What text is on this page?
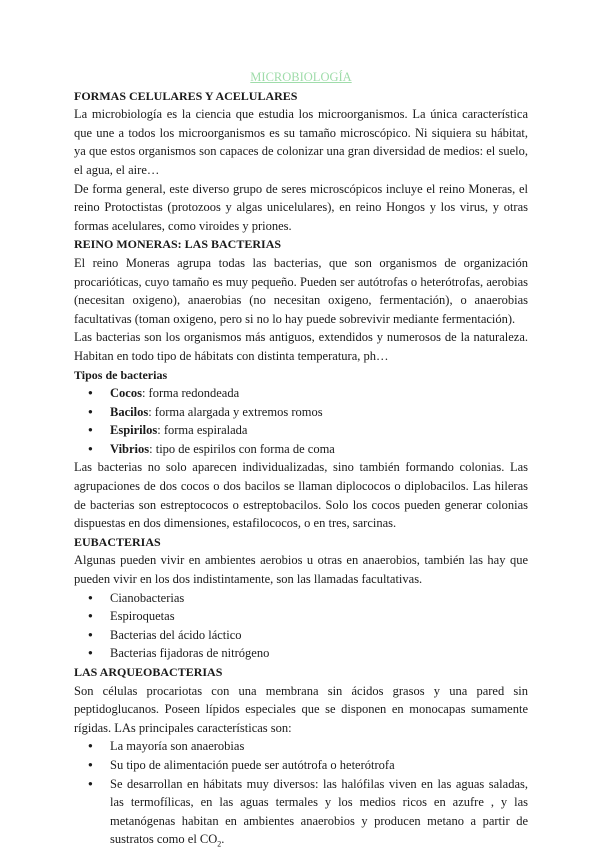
MICROBIOLOGÍA

FORMAS CELULARES Y ACELULARES

La microbiología es la ciencia que estudia los microorganismos. La única característica que une a todos los microorganismos es su tamaño microscópico. Ni siquiera su hábitat, ya que estos organismos son capaces de colonizar una gran diversidad de medios: el suelo, el agua, el aire…

De forma general, este diverso grupo de seres microscópicos incluye el reino Moneras, el reino Protoctistas (protozoos y algas unicelulares), en reino Hongos y los virus, y otras formas acelulares, como viroides y priones.

REINO MONERAS: LAS BACTERIAS

El reino Moneras agrupa todas las bacterias, que son organismos de organización procarióticas, cuyo tamaño es muy pequeño. Pueden ser autótrofas o heterótrofas, aerobias (necesitan oxigeno), anaerobias (no necesitan oxigeno, fermentación), o anaerobias facultativas (toman oxigeno, pero si no lo hay puede sobrevivir mediante fermentación).

Las bacterias son los organismos más antiguos, extendidos y numerosos de la naturaleza. Habitan en todo tipo de hábitats con distinta temperatura, ph…

Tipos de bacterias
● Cocos: forma redondeada
● Bacilos: forma alargada y extremos romos
● Espirilos: forma espiralada
● Vibrios: tipo de espirilos con forma de coma

Las bacterias no solo aparecen individualizadas, sino también formando colonias. Las agrupaciones de dos cocos o dos bacilos se llaman diplococos o diplobacilos. Las hileras de bacterias son estreptococos o estreptobacilos. Solo los cocos pueden generar colonias dispuestas en dos dimensiones, estafilococos, o en tres, sarcinas.

EUBACTERIAS

Algunas pueden vivir en ambientes aerobios u otras en anaerobios, también las hay que pueden vivir en los dos indistintamente, son las llamadas facultativas.

● Cianobacterias
● Espiroquetas
● Bacterias del ácido láctico
● Bacterias fijadoras de nitrógeno
LAS ARQUEOBACTERIAS

Son células procariotas con una membrana sin ácidos grasos y una pared sin peptidoglucanos. Poseen lípidos especiales que se disponen en monocapas sumamente rígidas. LAs principales características son:

● La mayoría son anaerobias
● Su tipo de alimentación puede ser autótrofa o heterótrofa
● Se desarrollan en hábitats muy diversos: las halófilas viven en las aguas saladas, las termofílicas, en las aguas termales y los medios ricos en azufre , y las metanógenas habitan en ambientes anaerobios y producen metano a partir de sustratos como el $CO_2$.
